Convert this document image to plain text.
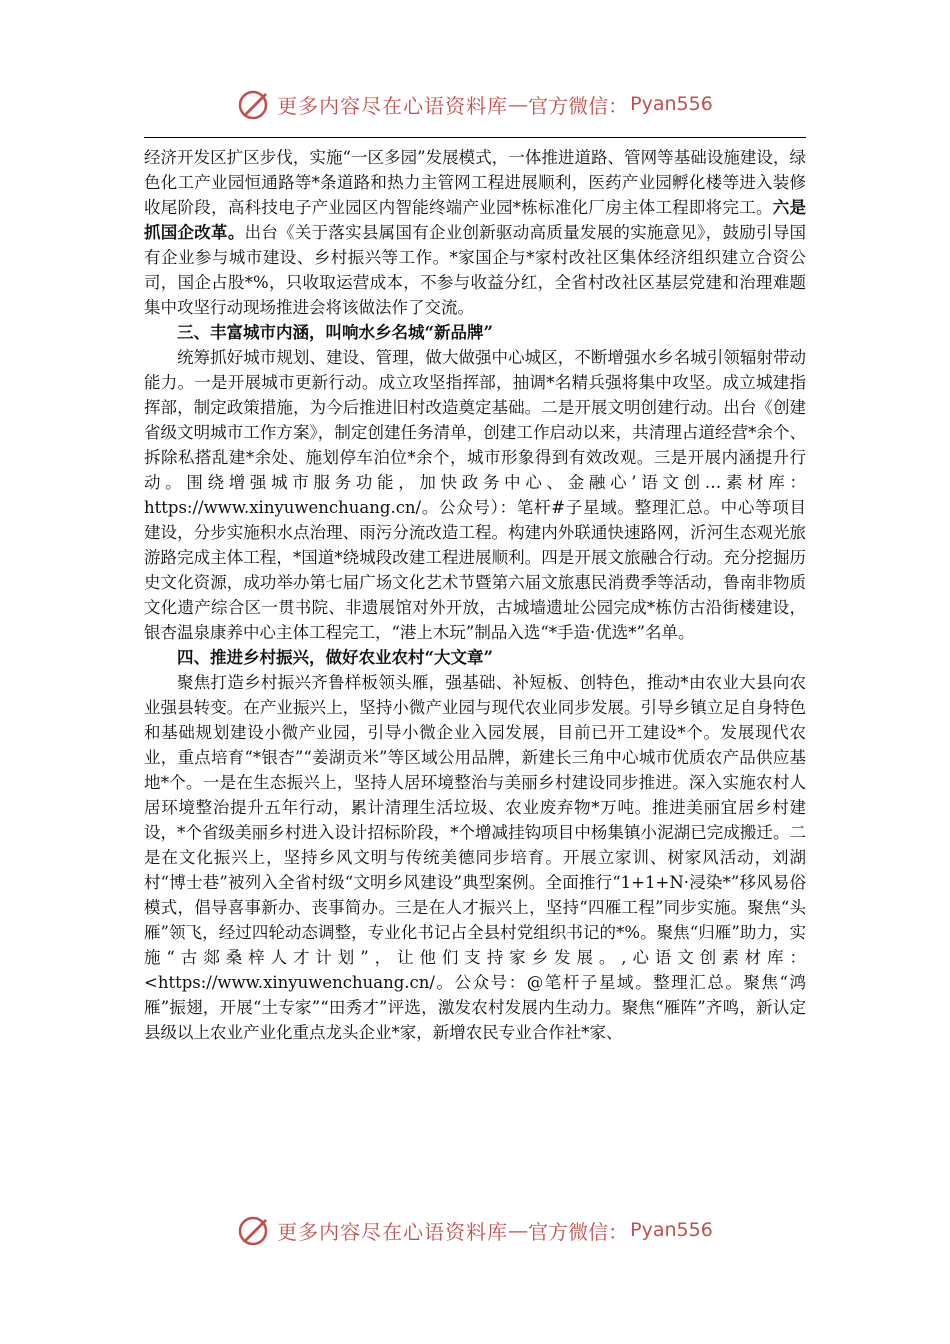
更多内容尽在心语资料库 — 官方微信： Pyan556

经济开发区扩区步伐，实施“一区多园”发展模式，一体推进道路、管网等基础设施建设，绿色化工产业园恒通路等*条道路和热力主管网工程进展顺利，医药产业园孵化楼等进入装修收尾阶段，高科技电子产业园区内智能终端产业园*栋标准化厂房主体工程即将完工。六是抓国企改革。出台《关于落实县属国有企业创新驱动高质量发展的实施意见》，鼓励引导国有企业参与城市建设、乡村振兴等工作。*家国企与*家村改社区集体经济组织建立合资公司，国企占股*%，只收取运营成本，不参与收益分红，全省村改社区基层党建和治理难题集中攻坚行动现场推进会将该做法作了交流。

三、丰富城市内涵，叫响水乡名城“新品牌”

统筹抓好城市规划、建设、管理，做大做强中心城区，不断增强水乡名城引领辐射带动能力。一是开展城市更新行动。成立攻坚指挥部，抽调*名精兵强将集中攻坚。成立城建指挥部，制定政策措施，为今后推进旧村改造奠定基础。二是开展文明创建行动。出台《创建省级文明城市工作方案》，制定创建任务清单，创建工作启动以来，共清理占道经营*余个、拆除私搭乱建*余处、施划停车泊位*余个，城市形象得到有效改观。三是开展内涵提升行动。围绕增强城市服务功能，加快政务中心、金融心’语文创…素材库：https://www.xinyuwenchuang.cn/。公众号）：笔杆#子星域。整理汇总。中心等项目建设，分步实施积水点治理、雨污分流改造工程。构建内外联通快速路网，沂河生态观光旅游路完成主体工程，*国道*绕城段改建工程进展顺利。四是开展文旅融合行动。充分挖掘历史文化资源，成功举办第七届广场文化艺术节暨第六届文旅惠民消费季等活动，鲁南非物质文化遗产综合区一贯书院、非遗展馆对外开放，古城墙遗址公园完成*栋仿古沿街楼建设，银杏温泉康养中心主体工程完工，“港上木玩”制品入选“*手造·优选*”名单。

四、推进乡村振兴，做好农业农村“大文章”

聚焦打造乡村振兴齐鲁样板领头雁，强基础、补短板、创特色，推动*由农业大县向农业强县转变。在产业振兴上，坚持小微产业园与现代农业同步发展。引导乡镇立足自身特色和基础规划建设小微产业园，引导小微企业入园发展，目前已开工建设*个。发展现代农业，重点培育“*银杏”“姜湖贡米”等区域公用品牌，新建长三角中心城市优质农产品供应基地*个。一是在生态振兴上，坚持人居环境整治与美丽乡村建设同步推进。深入实施农村人居环境整治提升五年行动，累计清理生活垃圾、农业废弃物*万吨。推进美丽宜居乡村建设，*个省级美丽乡村进入设计招标阶段，*个增减挂钩项目中杨集镇小泥湖已完成搬迁。二是在文化振兴上，坚持乡风文明与传统美德同步培育。开展立家训、树家风活动，刘湖村“博士巷”被列入全省村级“文明乡风建设”典型案例。全面推行“1+1+N·浸染*”移风易俗模式，倡导喜事新办、丧事简办。三是在人才振兴上，坚持“四雁工程”同步实施。聚焦“头雁”领飞，经过四轮动态调整，专业化书记占全县村党组织书记的*%。聚焦“归雁”助力，实施“古郯桑梓人才计划”，让他们支持家乡发展。,心语文创素材库：<https://www.xinyuwenchuang.cn/。公众号：@笔杆子星域。整理汇总。聚焦“鸿雁”振翅，开展“土专家”“田秀才”评选，激发农村发展内生动力。聚焦“雁阵”齐鸣，新认定县级以上农业产业化重点龙头企业*家，新增农民专业合作社*家、

更多内容尽在心语资料库 — 官方微信： Pyan556
